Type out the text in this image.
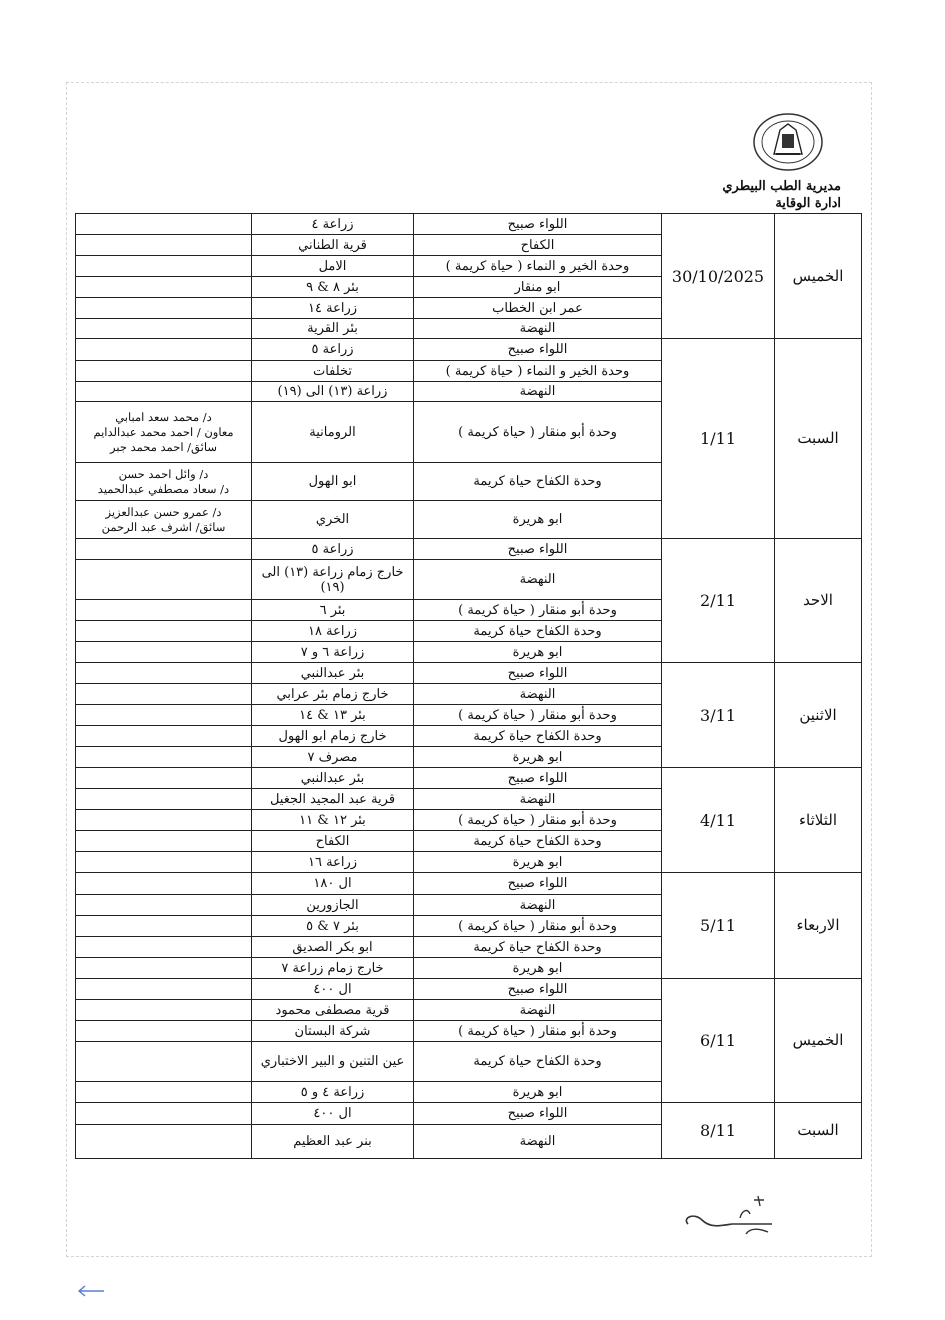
مديرية الطب البيطري
ادارة الوقاية
الخميس	30/10/2025	اللواء صبيح	زراعة ٤	
		الكفاح	قرية الطناني	
		وحدة الخير و النماء ( حياة كريمة )	الامل	
		ابو منقار	بئر ٨ & ٩	
		عمر ابن الخطاب	زراعة ١٤	
		النهضة	بئر القرية	
السبت	1/11	اللواء صبيح	زراعة ٥	
		وحدة الخير و النماء ( حياة كريمة )	تخلفات	
		النهضة	زراعة (١٣) الى (١٩)	
		وحدة أبو منقار ( حياة كريمة )	الرومانية	د/ محمد سعد امبابي
معاون / احمد محمد عبدالدايم
سائق/ احمد محمد جبر

		وحدة الكفاح حياة كريمة	ابو الهول	د/ وائل احمد حسن
د/ سعاد مصطفي عبدالحميد

		ابو هريرة	الخري	د/ عمرو حسن عبدالعزيز
سائق/ اشرف عبد الرحمن

الاحد	2/11	اللواء صبيح	زراعة ٥	
		النهضة	خارج زمام زراعة (١٣) الى (١٩)	
		وحدة أبو منقار ( حياة كريمة )	بئر ٦	
		وحدة الكفاح حياة كريمة	زراعة ١٨	
		ابو هريرة	زراعة ٦ و ٧	
الاثنين	3/11	اللواء صبيح	بئر عبدالنبي	
		النهضة	خارج زمام بئر عرابي	
		وحدة أبو منقار ( حياة كريمة )	بئر ١٣ & ١٤	
		وحدة الكفاح حياة كريمة	خارج زمام ابو الهول	
		ابو هريرة	مصرف ٧	
الثلاثاء	4/11	اللواء صبيح	بئر عبدالنبي	
		النهضة	قرية عبد المجيد الجغيل	
		وحدة أبو منقار ( حياة كريمة )	بئر ١٢ & ١١	
		وحدة الكفاح حياة كريمة	الكفاح	
		ابو هريرة	زراعة ١٦	
الاربعاء	5/11	اللواء صبيح	ال ١٨٠	
		النهضة	الجازورين	
		وحدة أبو منقار ( حياة كريمة )	بئر ٧ & ٥	
		وحدة الكفاح حياة كريمة	ابو بكر الصديق	
		ابو هريرة	خارج زمام زراعة ٧	
الخميس	6/11	اللواء صبيح	ال ٤٠٠	
		النهضة	قرية مصطفى محمود	
		وحدة أبو منقار ( حياة كريمة )	شركة البستان	
		وحدة الكفاح حياة كريمة	عين التنين و البير الاختباري	
		ابو هريرة	زراعة ٤ و ٥	
السبت	8/11	اللواء صبيح	ال ٤٠٠	
		النهضة	بنر عبد العظيم	
